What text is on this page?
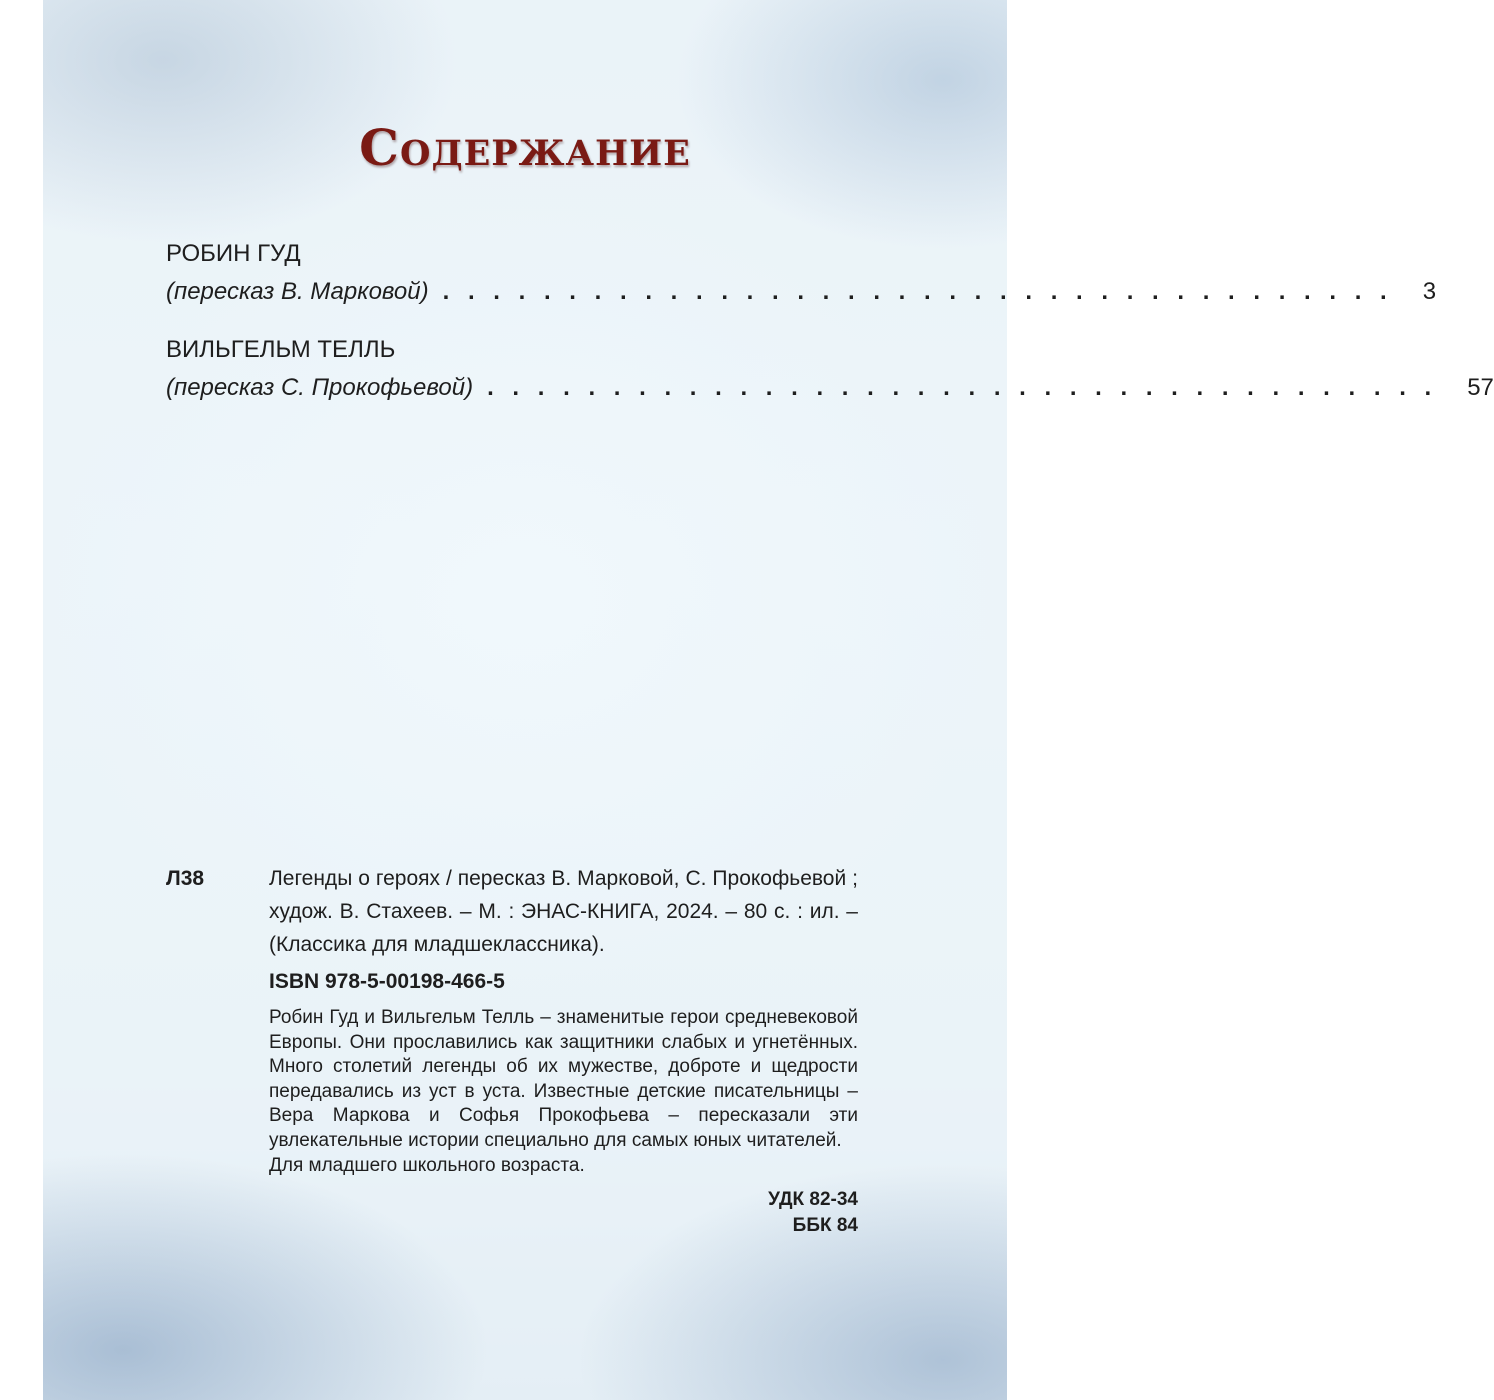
Содержание
РОБИН ГУД
(пересказ В. Марковой) . . . . . . . . . . . . . . . . . . . . . . . . . . . . . . . . . . . . . . 3
ВИЛЬГЕЛЬМ ТЕЛЛЬ
(пересказ С. Прокофьевой) . . . . . . . . . . . . . . . . . . . . . . . . . . . . . . . . . . . . . . 57
Л38	Легенды о героях / пересказ В. Марковой, С. Прокофьевой ; худож. В. Стахеев. – М. : ЭНАС-КНИГА, 2024. – 80 с. : ил. – (Классика для младшеклассника).
ISBN 978-5-00198-466-5
Робин Гуд и Вильгельм Телль – знаменитые герои средневековой Европы. Они прославились как защитники слабых и угнетённых. Много столетий легенды об их мужестве, доброте и щедрости передавались из уст в уста. Известные детские писательницы – Вера Маркова и Софья Прокофьева – пересказали эти увлекательные истории специально для самых юных читателей.
Для младшего школьного возраста.
УДК 82-34
ББК 84
